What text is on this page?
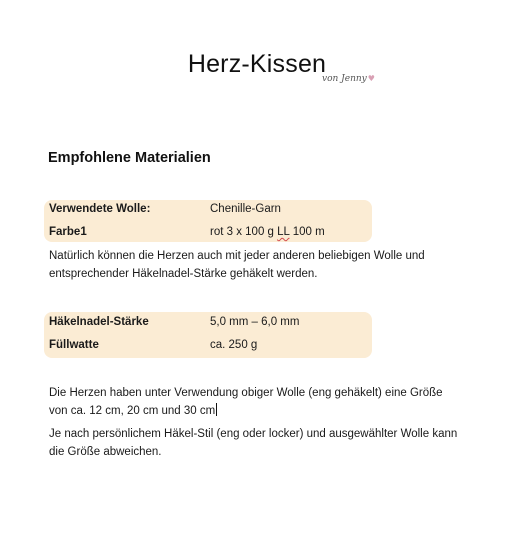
Herz-Kissen
von Jenny♥
Empfohlene Materialien
Verwendete Wolle:	Chenille-Garn
Farbe1	rot 3 x 100 g LL 100 m
Natürlich können die Herzen auch mit jeder anderen beliebigen Wolle und
entsprechender Häkelnadel-Stärke gehäkelt werden.
Häkelnadel-Stärke	5,0 mm – 6,0 mm
Füllwatte	ca. 250 g
Die Herzen haben unter Verwendung obiger Wolle (eng gehäkelt) eine Größe
von ca. 12 cm, 20 cm und 30 cm
Je nach persönlichem Häkel-Stil (eng oder locker) und ausgewählter Wolle kann
die Größe abweichen.
